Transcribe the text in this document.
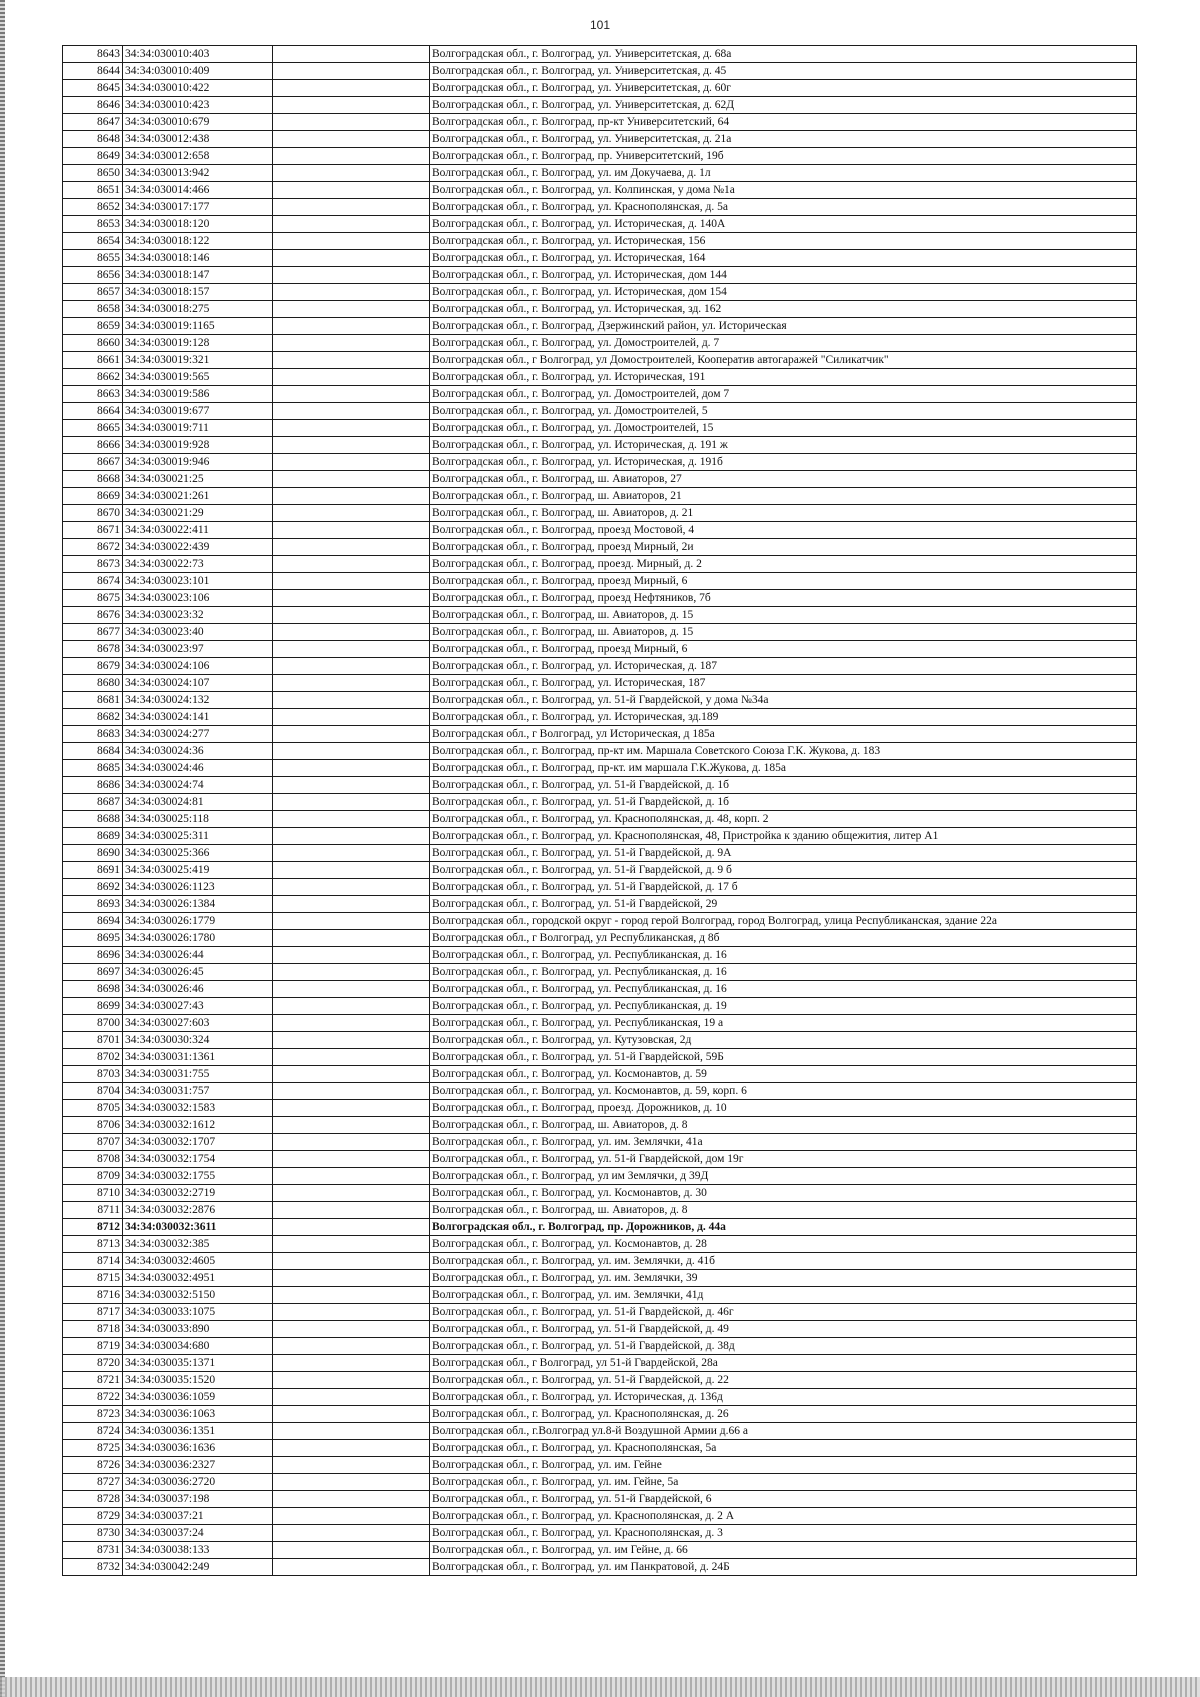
101
8643	34:34:030010:403		Волгоградская обл., г. Волгоград, ул. Университетская, д. 68а
8644	34:34:030010:409		Волгоградская обл., г. Волгоград, ул. Университетская, д. 45
8645	34:34:030010:422		Волгоградская обл., г. Волгоград, ул. Университетская, д. 60г
8646	34:34:030010:423		Волгоградская обл., г. Волгоград, ул. Университетская, д. 62Д
8647	34:34:030010:679		Волгоградская обл., г. Волгоград, пр-кт Университетский, 64
8648	34:34:030012:438		Волгоградская обл., г. Волгоград, ул. Университетская, д. 21а
8649	34:34:030012:658		Волгоградская обл., г. Волгоград, пр. Университетский, 19б
8650	34:34:030013:942		Волгоградская обл., г. Волгоград, ул. им Докучаева, д. 1л
8651	34:34:030014:466		Волгоградская обл., г. Волгоград, ул. Колпинская, у дома №1а
8652	34:34:030017:177		Волгоградская обл., г. Волгоград, ул. Краснополянская, д. 5а
8653	34:34:030018:120		Волгоградская обл., г. Волгоград, ул. Историческая, д. 140А
8654	34:34:030018:122		Волгоградская обл., г. Волгоград, ул. Историческая, 156
8655	34:34:030018:146		Волгоградская обл., г. Волгоград, ул. Историческая, 164
8656	34:34:030018:147		Волгоградская обл., г. Волгоград, ул. Историческая, дом 144
8657	34:34:030018:157		Волгоградская обл., г. Волгоград, ул. Историческая, дом 154
8658	34:34:030018:275		Волгоградская обл., г. Волгоград, ул. Историческая, зд. 162
8659	34:34:030019:1165		Волгоградская обл., г. Волгоград, Дзержинский район, ул. Историческая
8660	34:34:030019:128		Волгоградская обл., г. Волгоград, ул. Домостроителей, д. 7
8661	34:34:030019:321		Волгоградская обл., г Волгоград, ул Домостроителей, Кооператив автогаражей "Силикатчик"
8662	34:34:030019:565		Волгоградская обл., г. Волгоград, ул. Историческая, 191
8663	34:34:030019:586		Волгоградская обл., г. Волгоград, ул. Домостроителей, дом 7
8664	34:34:030019:677		Волгоградская обл., г. Волгоград, ул. Домостроителей, 5
8665	34:34:030019:711		Волгоградская обл., г. Волгоград, ул. Домостроителей, 15
8666	34:34:030019:928		Волгоградская обл., г. Волгоград, ул. Историческая, д. 191 ж
8667	34:34:030019:946		Волгоградская обл., г. Волгоград, ул. Историческая, д. 191б
8668	34:34:030021:25		Волгоградская обл., г. Волгоград, ш. Авиаторов, 27
8669	34:34:030021:261		Волгоградская обл., г. Волгоград, ш. Авиаторов, 21
8670	34:34:030021:29		Волгоградская обл., г. Волгоград, ш. Авиаторов, д. 21
8671	34:34:030022:411		Волгоградская обл., г. Волгоград, проезд Мостовой, 4
8672	34:34:030022:439		Волгоградская обл., г. Волгоград, проезд Мирный, 2и
8673	34:34:030022:73		Волгоградская обл., г. Волгоград, проезд. Мирный, д. 2
8674	34:34:030023:101		Волгоградская обл., г. Волгоград, проезд Мирный, 6
8675	34:34:030023:106		Волгоградская обл., г. Волгоград, проезд Нефтяников, 7б
8676	34:34:030023:32		Волгоградская обл., г. Волгоград, ш. Авиаторов, д. 15
8677	34:34:030023:40		Волгоградская обл., г. Волгоград, ш. Авиаторов, д. 15
8678	34:34:030023:97		Волгоградская обл., г. Волгоград, проезд Мирный, 6
8679	34:34:030024:106		Волгоградская обл., г. Волгоград, ул. Историческая, д. 187
8680	34:34:030024:107		Волгоградская обл., г. Волгоград, ул. Историческая, 187
8681	34:34:030024:132		Волгоградская обл., г. Волгоград, ул. 51-й Гвардейской, у дома №34а
8682	34:34:030024:141		Волгоградская обл., г. Волгоград, ул. Историческая, зд.189
8683	34:34:030024:277		Волгоградская обл., г Волгоград, ул Историческая, д 185а
8684	34:34:030024:36		Волгоградская обл., г. Волгоград, пр-кт им. Маршала Советского Союза Г.К. Жукова, д. 183
8685	34:34:030024:46		Волгоградская обл., г. Волгоград, пр-кт. им маршала Г.К.Жукова, д. 185а
8686	34:34:030024:74		Волгоградская обл., г. Волгоград, ул. 51-й Гвардейской, д. 1б
8687	34:34:030024:81		Волгоградская обл., г. Волгоград, ул. 51-й Гвардейской, д. 1б
8688	34:34:030025:118		Волгоградская обл., г. Волгоград, ул. Краснополянская, д. 48, корп. 2
8689	34:34:030025:311		Волгоградская обл., г. Волгоград, ул. Краснополянская, 48, Пристройка к зданию общежития, литер А1
8690	34:34:030025:366		Волгоградская обл., г. Волгоград, ул. 51-й Гвардейской, д. 9А
8691	34:34:030025:419		Волгоградская обл., г. Волгоград, ул. 51-й Гвардейской, д. 9 б
8692	34:34:030026:1123		Волгоградская обл., г. Волгоград, ул. 51-й Гвардейской, д. 17 б
8693	34:34:030026:1384		Волгоградская обл., г. Волгоград, ул. 51-й Гвардейской, 29
8694	34:34:030026:1779		Волгоградская обл., городской округ - город герой Волгоград, город Волгоград, улица Республиканская, здание 22а
8695	34:34:030026:1780		Волгоградская обл., г Волгоград, ул Республиканская, д 8б
8696	34:34:030026:44		Волгоградская обл., г. Волгоград, ул. Республиканская, д. 16
8697	34:34:030026:45		Волгоградская обл., г. Волгоград, ул. Республиканская, д. 16
8698	34:34:030026:46		Волгоградская обл., г. Волгоград, ул. Республиканская, д. 16
8699	34:34:030027:43		Волгоградская обл., г. Волгоград, ул. Республиканская, д. 19
8700	34:34:030027:603		Волгоградская обл., г. Волгоград, ул. Республиканская, 19 а
8701	34:34:030030:324		Волгоградская обл., г. Волгоград, ул. Кутузовская, 2д
8702	34:34:030031:1361		Волгоградская обл., г. Волгоград, ул. 51-й Гвардейской, 59Б
8703	34:34:030031:755		Волгоградская обл., г. Волгоград, ул. Космонавтов, д. 59
8704	34:34:030031:757		Волгоградская обл., г. Волгоград, ул. Космонавтов, д. 59, корп. 6
8705	34:34:030032:1583		Волгоградская обл., г. Волгоград, проезд. Дорожников, д. 10
8706	34:34:030032:1612		Волгоградская обл., г. Волгоград, ш. Авиаторов, д. 8
8707	34:34:030032:1707		Волгоградская обл., г. Волгоград, ул. им. Землячки, 41а
8708	34:34:030032:1754		Волгоградская обл., г. Волгоград, ул. 51-й Гвардейской, дом 19г
8709	34:34:030032:1755		Волгоградская обл., г. Волгоград, ул им Землячки, д 39Д
8710	34:34:030032:2719		Волгоградская обл., г. Волгоград, ул. Космонавтов, д. 30
8711	34:34:030032:2876		Волгоградская обл., г. Волгоград, ш. Авиаторов, д. 8
8712	34:34:030032:3611		Волгоградская обл., г. Волгоград, пр. Дорожников, д. 44а
8713	34:34:030032:385		Волгоградская обл., г. Волгоград, ул. Космонавтов, д. 28
8714	34:34:030032:4605		Волгоградская обл., г. Волгоград, ул. им. Землячки, д. 41б
8715	34:34:030032:4951		Волгоградская обл., г. Волгоград, ул. им. Землячки, 39
8716	34:34:030032:5150		Волгоградская обл., г. Волгоград, ул. им. Землячки, 41д
8717	34:34:030033:1075		Волгоградская обл., г. Волгоград, ул. 51-й Гвардейской, д. 46г
8718	34:34:030033:890		Волгоградская обл., г. Волгоград, ул. 51-й Гвардейской, д. 49
8719	34:34:030034:680		Волгоградская обл., г. Волгоград, ул. 51-й Гвардейской, д. 38д
8720	34:34:030035:1371		Волгоградская обл., г Волгоград, ул 51-й Гвардейской, 28а
8721	34:34:030035:1520		Волгоградская обл., г. Волгоград, ул. 51-й Гвардейской, д. 22
8722	34:34:030036:1059		Волгоградская обл., г. Волгоград, ул. Историческая, д. 136д
8723	34:34:030036:1063		Волгоградская обл., г. Волгоград, ул. Краснополянская, д. 26
8724	34:34:030036:1351		Волгоградская обл., г.Волгоград ул.8-й Воздушной Армии д.66 а
8725	34:34:030036:1636		Волгоградская обл., г. Волгоград, ул. Краснополянская, 5а
8726	34:34:030036:2327		Волгоградская обл., г. Волгоград, ул. им. Гейне
8727	34:34:030036:2720		Волгоградская обл., г. Волгоград, ул. им. Гейне, 5а
8728	34:34:030037:198		Волгоградская обл., г. Волгоград, ул. 51-й Гвардейской, 6
8729	34:34:030037:21		Волгоградская обл., г. Волгоград, ул. Краснополянская, д. 2 А
8730	34:34:030037:24		Волгоградская обл., г. Волгоград, ул. Краснополянская, д. 3
8731	34:34:030038:133		Волгоградская обл., г. Волгоград, ул. им Гейне, д. 66
8732	34:34:030042:249		Волгоградская обл., г. Волгоград, ул. им Панкратовой, д. 24Б
